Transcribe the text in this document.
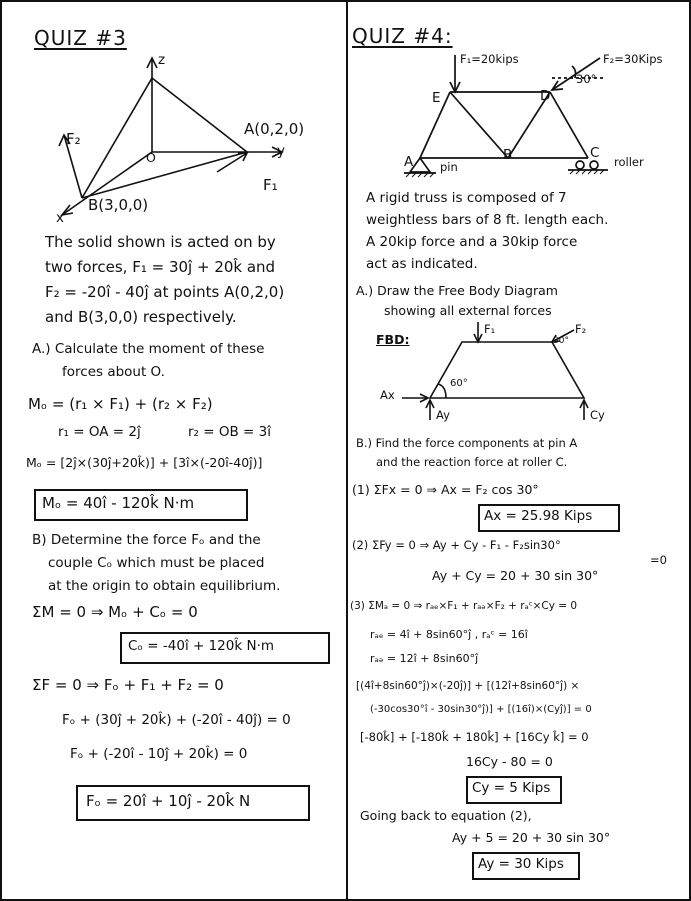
QUIZ #3
z
y
x
O
A(0,2,0)
B(3,0,0)
F₁
F₂
The solid shown is acted on by
two forces, F₁ = 30ĵ + 20k̂ and
F₂ = -20î - 40ĵ at points A(0,2,0)
and B(3,0,0) respectively.
A.) Calculate the moment of these
forces about O.
Mₒ = (r₁ × F₁) + (r₂ × F₂)
r₁ = OA = 2ĵ	r₂ = OB = 3î
Mₒ = [2ĵ×(30ĵ+20k̂)] + [3î×(-20î-40ĵ)]
Mₒ = 40î - 120k̂ N·m
B) Determine the force Fₒ and the
couple Cₒ which must be placed
at the origin to obtain equilibrium.
ΣM = 0 ⇒ Mₒ + Cₒ = 0
Cₒ = -40î + 120k̂ N·m
ΣF = 0 ⇒ Fₒ + F₁ + F₂ = 0
Fₒ + (30ĵ + 20k̂) + (-20î - 40ĵ) = 0
Fₒ + (-20î - 10ĵ + 20k̂) = 0
Fₒ = 20î + 10ĵ - 20k̂ N
QUIZ #4:
F₁=20kips	F₂=30Kips
30°
E	D
A	B	C
pin	roller
A rigid truss is composed of 7
weightless bars of 8 ft. length each.
A 20kip force and a 30kip force
act as indicated.
A.) Draw the Free Body Diagram
showing all external forces
FBD:
F₁	F₂
30°
60°
Ax
Ay	Cy
B.) Find the force components at pin A
and the reaction force at roller C.
(1) ΣFx = 0 ⇒ Ax = F₂ cos 30°
Ax = 25.98 Kips
(2) ΣFy = 0 ⇒ Ay + Cy - F₁ - F₂sin30°
=0
Ay + Cy = 20 + 30 sin 30°
(3) ΣMₐ = 0 ⇒ rₐₑ×F₁ + rₐₔ×F₂ + rₐᶜ×Cy = 0
rₐₑ = 4î + 8sin60°ĵ , rₐᶜ = 16î
rₐₔ = 12î + 8sin60°ĵ
[(4î+8sin60°ĵ)×(-20ĵ)] + [(12î+8sin60°ĵ) ×
(-30cos30°î - 30sin30°ĵ)] + [(16î)×(Cyĵ)] = 0
[-80k̂] + [-180k̂ + 180k̂] + [16Cy k̂] = 0
16Cy - 80 = 0
Cy = 5 Kips
Going back to equation (2),
Ay + 5 = 20 + 30 sin 30°
Ay = 30 Kips
